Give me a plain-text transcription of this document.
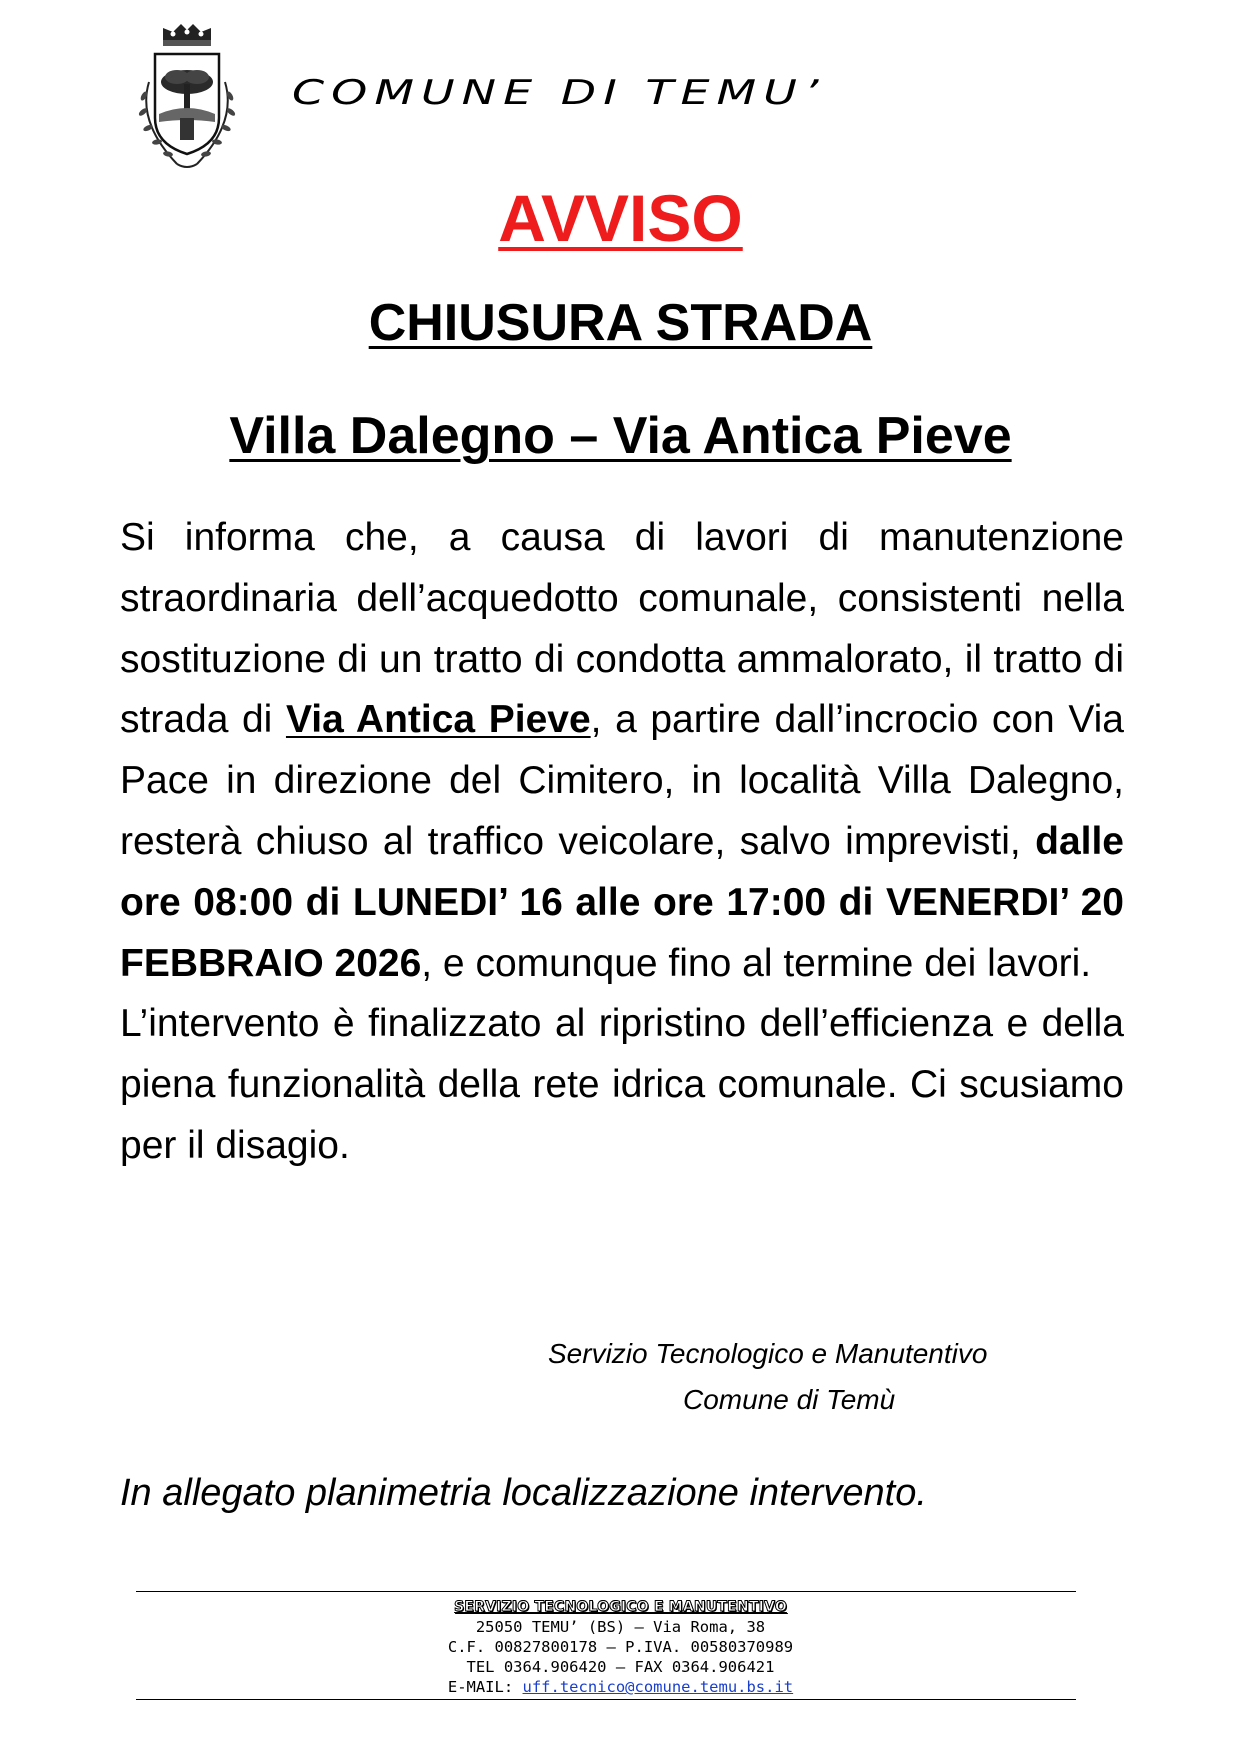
COMUNE DI TEMU’
AVVISO
CHIUSURA STRADA
Villa Dalegno – Via Antica Pieve

Si informa che, a causa di lavori di manutenzione straordinaria dell’acquedotto comunale, consistenti nella sostituzione di un tratto di condotta ammalorato, il tratto di strada di Via Antica Pieve, a partire dall’incrocio con Via Pace in direzione del Cimitero, in località Villa Dalegno, resterà chiuso al traffico veicolare, salvo imprevisti, dalle ore 08:00 di LUNEDI’ 16 alle ore 17:00 di VENERDI’ 20 FEBBRAIO 2026, e comunque fino al termine dei lavori.

L’intervento è finalizzato al ripristino dell’efficienza e della piena funzionalità della rete idrica comunale. Ci scusiamo per il disagio.

Servizio Tecnologico e Manutentivo
Comune di Temù
In allegato planimetria localizzazione intervento.
SERVIZIO TECNOLOGICO E MANUTENTIVO
25050 TEMU’ (BS) – Via Roma, 38
C.F. 00827800178 – P.IVA. 00580370989
TEL 0364.906420 – FAX 0364.906421
E-MAIL: uff.tecnico@comune.temu.bs.it
